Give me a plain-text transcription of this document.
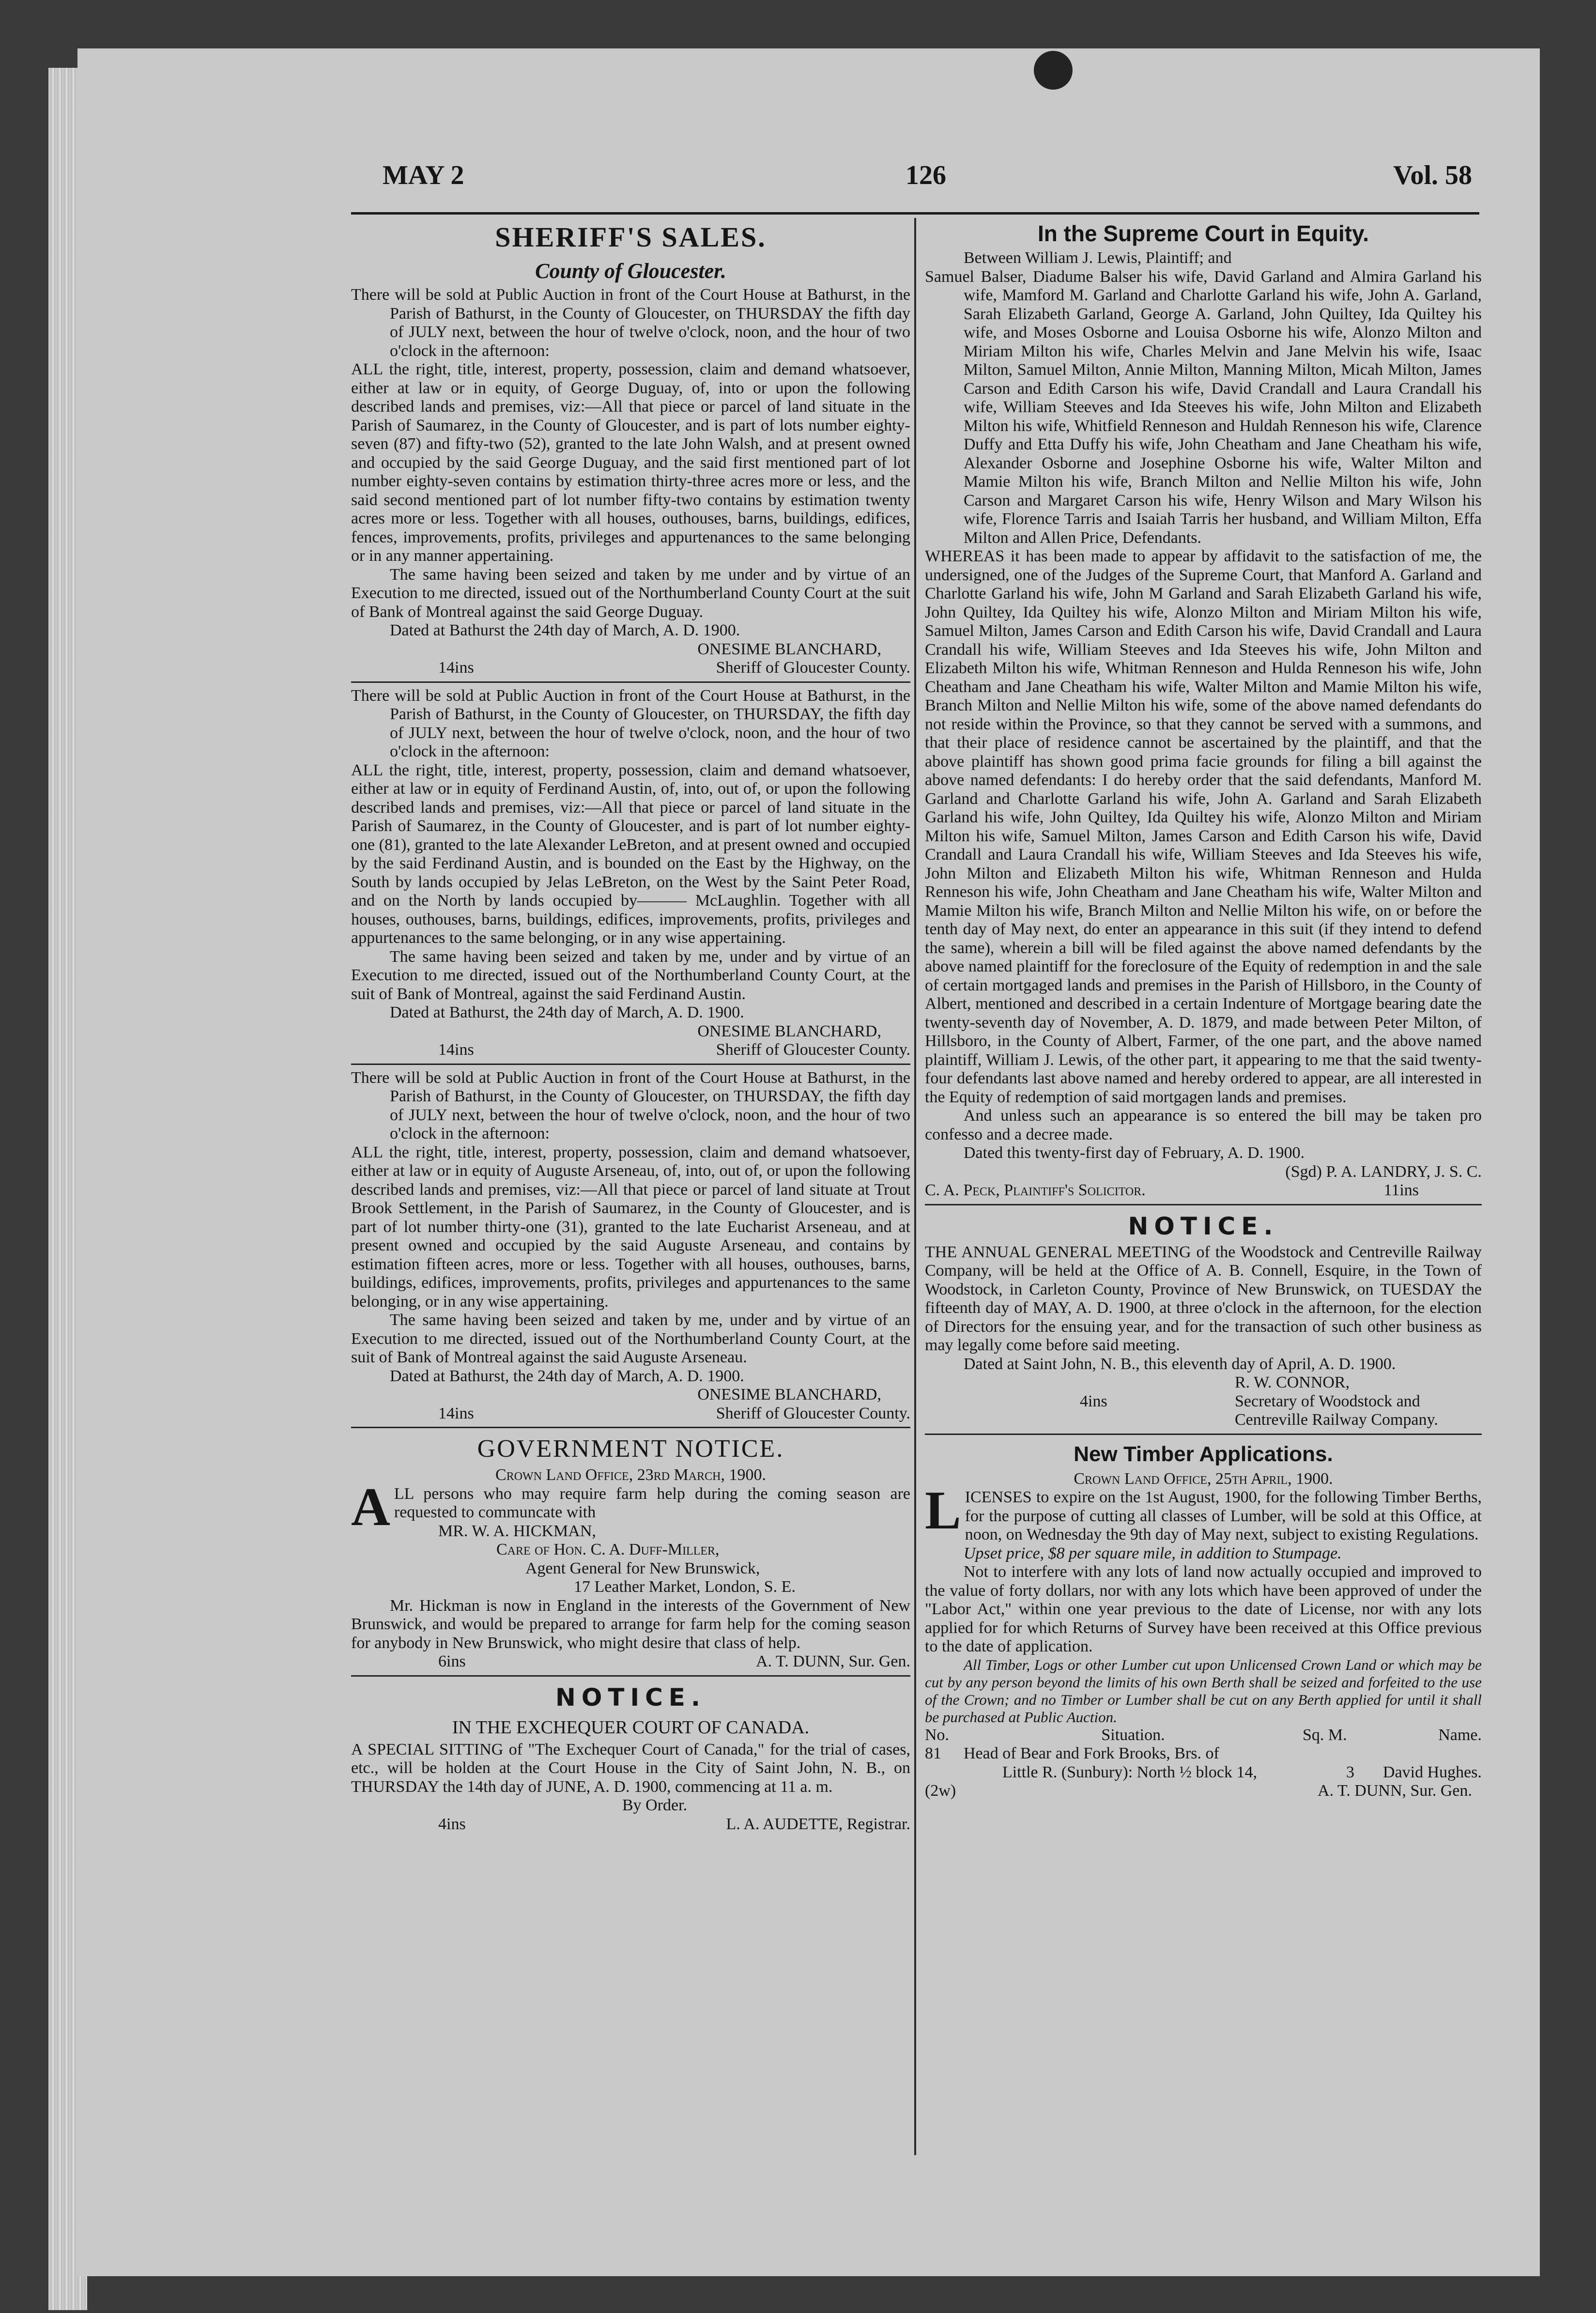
MAY 2	126	Vol. 58
SHERIFF'S SALES.
County of Gloucester.

There will be sold at Public Auction in front of the Court House at Bathurst, in the Parish of Bathurst, in the County of Gloucester, on THURSDAY the fifth day of JULY next, between the hour of twelve o'clock, noon, and the hour of two o'clock in the afternoon:

ALL the right, title, interest, property, possession, claim and demand whatsoever, either at law or in equity, of George Duguay, of, into or upon the following described lands and premises, viz:—All that piece or parcel of land situate in the Parish of Saumarez, in the County of Gloucester, and is part of lots number eighty-seven (87) and fifty-two (52), granted to the late John Walsh, and at present owned and occupied by the said George Duguay, and the said first mentioned part of lot number eighty-seven contains by estimation thirty-three acres more or less, and the said second mentioned part of lot number fifty-two contains by estimation twenty acres more or less. Together with all houses, outhouses, barns, buildings, edifices, fences, improvements, profits, privileges and appurtenances to the same belonging or in any manner appertaining.

The same having been seized and taken by me under and by virtue of an Execution to me directed, issued out of the Northumberland County Court at the suit of Bank of Montreal against the said George Duguay.

Dated at Bathurst the 24th day of March, A. D. 1900.

ONESIME BLANCHARD,
14ins	Sheriff of Gloucester County.

There will be sold at Public Auction in front of the Court House at Bathurst, in the Parish of Bathurst, in the County of Gloucester, on THURSDAY, the fifth day of JULY next, between the hour of twelve o'clock, noon, and the hour of two o'clock in the afternoon:

ALL the right, title, interest, property, possession, claim and demand whatsoever, either at law or in equity of Ferdinand Austin, of, into, out of, or upon the following described lands and premises, viz:—All that piece or parcel of land situate in the Parish of Saumarez, in the County of Gloucester, and is part of lot number eighty-one (81), granted to the late Alexander LeBreton, and at present owned and occupied by the said Ferdinand Austin, and is bounded on the East by the Highway, on the South by lands occupied by Jelas LeBreton, on the West by the Saint Peter Road, and on the North by lands occupied by——— McLaughlin. Together with all houses, outhouses, barns, buildings, edifices, improvements, profits, privileges and appurtenances to the same belonging, or in any wise appertaining.

The same having been seized and taken by me, under and by virtue of an Execution to me directed, issued out of the Northumberland County Court, at the suit of Bank of Montreal, against the said Ferdinand Austin.

Dated at Bathurst, the 24th day of March, A. D. 1900.

ONESIME BLANCHARD,
14ins	Sheriff of Gloucester County.

There will be sold at Public Auction in front of the Court House at Bathurst, in the Parish of Bathurst, in the County of Gloucester, on THURSDAY, the fifth day of JULY next, between the hour of twelve o'clock, noon, and the hour of two o'clock in the afternoon:

ALL the right, title, interest, property, possession, claim and demand whatsoever, either at law or in equity of Auguste Arseneau, of, into, out of, or upon the following described lands and premises, viz:—All that piece or parcel of land situate at Trout Brook Settlement, in the Parish of Saumarez, in the County of Gloucester, and is part of lot number thirty-one (31), granted to the late Eucharist Arseneau, and at present owned and occupied by the said Auguste Arseneau, and contains by estimation fifteen acres, more or less. Together with all houses, outhouses, barns, buildings, edifices, improvements, profits, privileges and appurtenances to the same belonging, or in any wise appertaining.

The same having been seized and taken by me, under and by virtue of an Execution to me directed, issued out of the Northumberland County Court, at the suit of Bank of Montreal against the said Auguste Arseneau.

Dated at Bathurst, the 24th day of March, A. D. 1900.

ONESIME BLANCHARD,
14ins	Sheriff of Gloucester County.
GOVERNMENT NOTICE.
Crown Land Office, 23rd March, 1900.

ALL persons who may require farm help during the coming season are requested to communcate with

MR. W. A. HICKMAN,
Care of Hon. C. A. Duff-Miller,
Agent General for New Brunswick,
17 Leather Market, London, S. E.

Mr. Hickman is now in England in the interests of the Government of New Brunswick, and would be prepared to arrange for farm help for the coming season for anybody in New Brunswick, who might desire that class of help.

6ins	A. T. DUNN, Sur. Gen.
NOTICE.
IN THE EXCHEQUER COURT OF CANADA.

A SPECIAL SITTING of "The Exchequer Court of Canada," for the trial of cases, etc., will be holden at the Court House in the City of Saint John, N. B., on THURSDAY the 14th day of JUNE, A. D. 1900, commencing at 11 a. m.

By Order.
4ins	L. A. AUDETTE, Registrar.
In the Supreme Court in Equity.
Between William J. Lewis, Plaintiff; and

Samuel Balser, Diadume Balser his wife, David Garland and Almira Garland his wife, Mamford M. Garland and Charlotte Garland his wife, John A. Garland, Sarah Elizabeth Garland, George A. Garland, John Quiltey, Ida Quiltey his wife, and Moses Osborne and Louisa Osborne his wife, Alonzo Milton and Miriam Milton his wife, Charles Melvin and Jane Melvin his wife, Isaac Milton, Samuel Milton, Annie Milton, Manning Milton, Micah Milton, James Carson and Edith Carson his wife, David Crandall and Laura Crandall his wife, William Steeves and Ida Steeves his wife, John Milton and Elizabeth Milton his wife, Whitfield Renneson and Huldah Renneson his wife, Clarence Duffy and Etta Duffy his wife, John Cheatham and Jane Cheatham his wife, Alexander Osborne and Josephine Osborne his wife, Walter Milton and Mamie Milton his wife, Branch Milton and Nellie Milton his wife, John Carson and Margaret Carson his wife, Henry Wilson and Mary Wilson his wife, Florence Tarris and Isaiah Tarris her husband, and William Milton, Effa Milton and Allen Price, Defendants.

WHEREAS it has been made to appear by affidavit to the satisfaction of me, the undersigned, one of the Judges of the Supreme Court, that Manford A. Garland and Charlotte Garland his wife, John M Garland and Sarah Elizabeth Garland his wife, John Quiltey, Ida Quiltey his wife, Alonzo Milton and Miriam Milton his wife, Samuel Milton, James Carson and Edith Carson his wife, David Crandall and Laura Crandall his wife, William Steeves and Ida Steeves his wife, John Milton and Elizabeth Milton his wife, Whitman Renneson and Hulda Renneson his wife, John Cheatham and Jane Cheatham his wife, Walter Milton and Mamie Milton his wife, Branch Milton and Nellie Milton his wife, some of the above named defendants do not reside within the Province, so that they cannot be served with a summons, and that their place of residence cannot be ascertained by the plaintiff, and that the above plaintiff has shown good prima facie grounds for filing a bill against the above named defendants: I do hereby order that the said defendants, Manford M. Garland and Charlotte Garland his wife, John A. Garland and Sarah Elizabeth Garland his wife, John Quiltey, Ida Quiltey his wife, Alonzo Milton and Miriam Milton his wife, Samuel Milton, James Carson and Edith Carson his wife, David Crandall and Laura Crandall his wife, William Steeves and Ida Steeves his wife, John Milton and Elizabeth Milton his wife, Whitman Renneson and Hulda Renneson his wife, John Cheatham and Jane Cheatham his wife, Walter Milton and Mamie Milton his wife, Branch Milton and Nellie Milton his wife, on or before the tenth day of May next, do enter an appearance in this suit (if they intend to defend the same), wherein a bill will be filed against the above named defendants by the above named plaintiff for the foreclosure of the Equity of redemption in and the sale of certain mortgaged lands and premises in the Parish of Hillsboro, in the County of Albert, mentioned and described in a certain Indenture of Mortgage bearing date the twenty-seventh day of November, A. D. 1879, and made between Peter Milton, of Hillsboro, in the County of Albert, Farmer, of the one part, and the above named plaintiff, William J. Lewis, of the other part, it appearing to me that the said twenty-four defendants last above named and hereby ordered to appear, are all interested in the Equity of redemption of said mortgagen lands and premises.

And unless such an appearance is so entered the bill may be taken pro confesso and a decree made.

Dated this twenty-first day of February, A. D. 1900.

(Sgd) P. A. LANDRY, J. S. C.
C. A. Peck, Plaintiff's Solicitor.	11ins
NOTICE.

THE ANNUAL GENERAL MEETING of the Woodstock and Centreville Railway Company, will be held at the Office of A. B. Connell, Esquire, in the Town of Woodstock, in Carleton County, Province of New Brunswick, on TUESDAY the fifteenth day of MAY, A. D. 1900, at three o'clock in the afternoon, for the election of Directors for the ensuing year, and for the transaction of such other business as may legally come before said meeting.

Dated at Saint John, N. B., this eleventh day of April, A. D. 1900.

R. W. CONNOR,
4ins	Secretary of Woodstock and
Centreville Railway Company.
New Timber Applications.
Crown Land Office, 25th April, 1900.

LICENSES to expire on the 1st August, 1900, for the following Timber Berths, for the purpose of cutting all classes of Lumber, will be sold at this Office, at noon, on Wednesday the 9th day of May next, subject to existing Regulations.

Upset price, $8 per square mile, in addition to Stumpage.

Not to interfere with any lots of land now actually occupied and improved to the value of forty dollars, nor with any lots which have been approved of under the "Labor Act," within one year previous to the date of License, nor with any lots applied for for which Returns of Survey have been received at this Office previous to the date of application.

All Timber, Logs or other Lumber cut upon Unlicensed Crown Land or which may be cut by any person beyond the limits of his own Berth shall be seized and forfeited to the use of the Crown; and no Timber or Lumber shall be cut on any Berth applied for until it shall be purchased at Public Auction.

No.	Situation.	Sq. M.	Name.
81	Head of Bear and Fork Brooks, Brs. of
Little R. (Sunbury): North ½ block 14,	3	David Hughes.
(2w)	A. T. DUNN, Sur. Gen.
